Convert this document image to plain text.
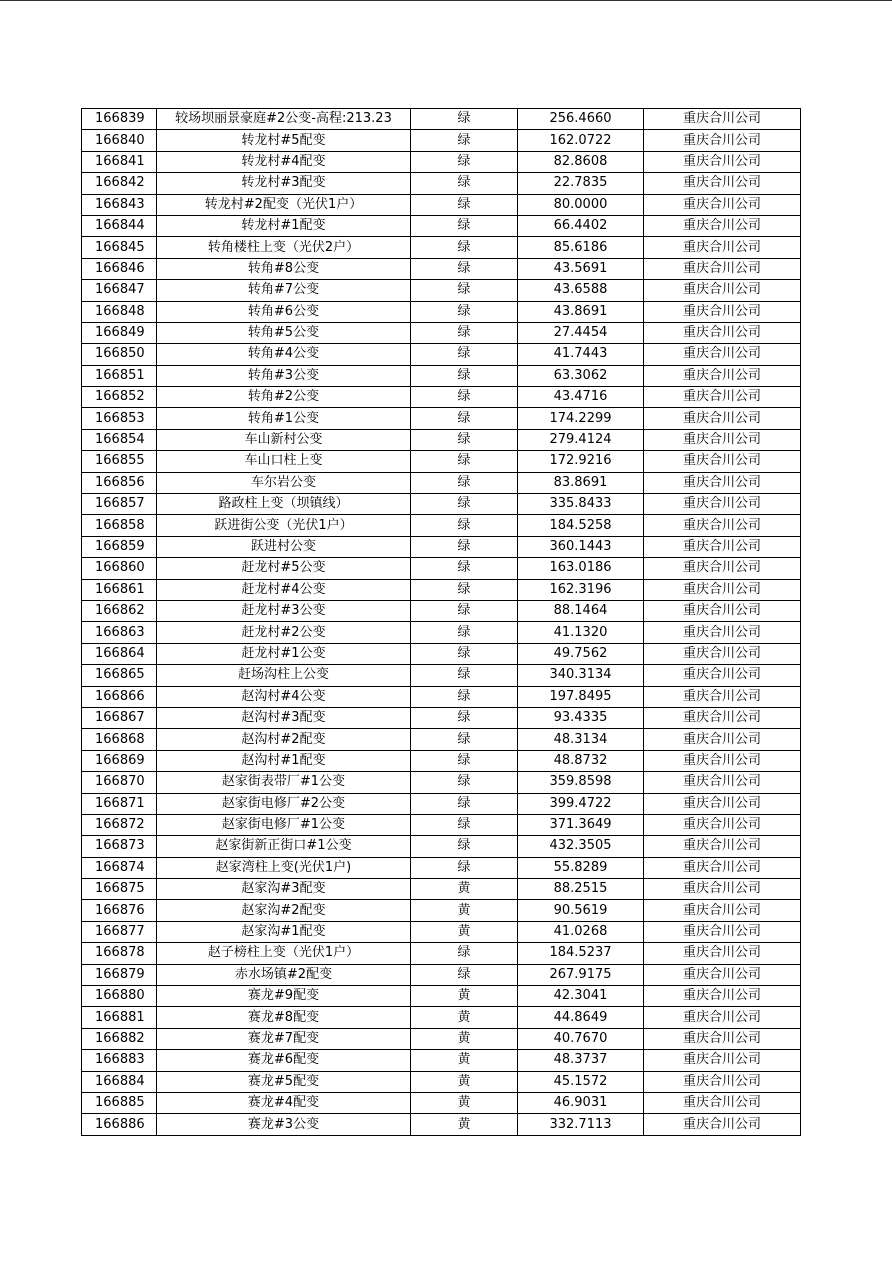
166839	较场坝丽景豪庭#2公变-高程:213.23	绿	256.4660	重庆合川公司
166840	转龙村#5配变	绿	162.0722	重庆合川公司
166841	转龙村#4配变	绿	82.8608	重庆合川公司
166842	转龙村#3配变	绿	22.7835	重庆合川公司
166843	转龙村#2配变（光伏1户）	绿	80.0000	重庆合川公司
166844	转龙村#1配变	绿	66.4402	重庆合川公司
166845	转角楼柱上变（光伏2户）	绿	85.6186	重庆合川公司
166846	转角#8公变	绿	43.5691	重庆合川公司
166847	转角#7公变	绿	43.6588	重庆合川公司
166848	转角#6公变	绿	43.8691	重庆合川公司
166849	转角#5公变	绿	27.4454	重庆合川公司
166850	转角#4公变	绿	41.7443	重庆合川公司
166851	转角#3公变	绿	63.3062	重庆合川公司
166852	转角#2公变	绿	43.4716	重庆合川公司
166853	转角#1公变	绿	174.2299	重庆合川公司
166854	车山新村公变	绿	279.4124	重庆合川公司
166855	车山口柱上变	绿	172.9216	重庆合川公司
166856	车尔岩公变	绿	83.8691	重庆合川公司
166857	路政柱上变（坝镇线）	绿	335.8433	重庆合川公司
166858	跃进街公变（光伏1户）	绿	184.5258	重庆合川公司
166859	跃进村公变	绿	360.1443	重庆合川公司
166860	赶龙村#5公变	绿	163.0186	重庆合川公司
166861	赶龙村#4公变	绿	162.3196	重庆合川公司
166862	赶龙村#3公变	绿	88.1464	重庆合川公司
166863	赶龙村#2公变	绿	41.1320	重庆合川公司
166864	赶龙村#1公变	绿	49.7562	重庆合川公司
166865	赶场沟柱上公变	绿	340.3134	重庆合川公司
166866	赵沟村#4公变	绿	197.8495	重庆合川公司
166867	赵沟村#3配变	绿	93.4335	重庆合川公司
166868	赵沟村#2配变	绿	48.3134	重庆合川公司
166869	赵沟村#1配变	绿	48.8732	重庆合川公司
166870	赵家街表带厂#1公变	绿	359.8598	重庆合川公司
166871	赵家街电修厂#2公变	绿	399.4722	重庆合川公司
166872	赵家街电修厂#1公变	绿	371.3649	重庆合川公司
166873	赵家街新正街口#1公变	绿	432.3505	重庆合川公司
166874	赵家湾柱上变(光伏1户)	绿	55.8289	重庆合川公司
166875	赵家沟#3配变	黄	88.2515	重庆合川公司
166876	赵家沟#2配变	黄	90.5619	重庆合川公司
166877	赵家沟#1配变	黄	41.0268	重庆合川公司
166878	赵子榜柱上变（光伏1户）	绿	184.5237	重庆合川公司
166879	赤水场镇#2配变	绿	267.9175	重庆合川公司
166880	赛龙#9配变	黄	42.3041	重庆合川公司
166881	赛龙#8配变	黄	44.8649	重庆合川公司
166882	赛龙#7配变	黄	40.7670	重庆合川公司
166883	赛龙#6配变	黄	48.3737	重庆合川公司
166884	赛龙#5配变	黄	45.1572	重庆合川公司
166885	赛龙#4配变	黄	46.9031	重庆合川公司
166886	赛龙#3公变	黄	332.7113	重庆合川公司
